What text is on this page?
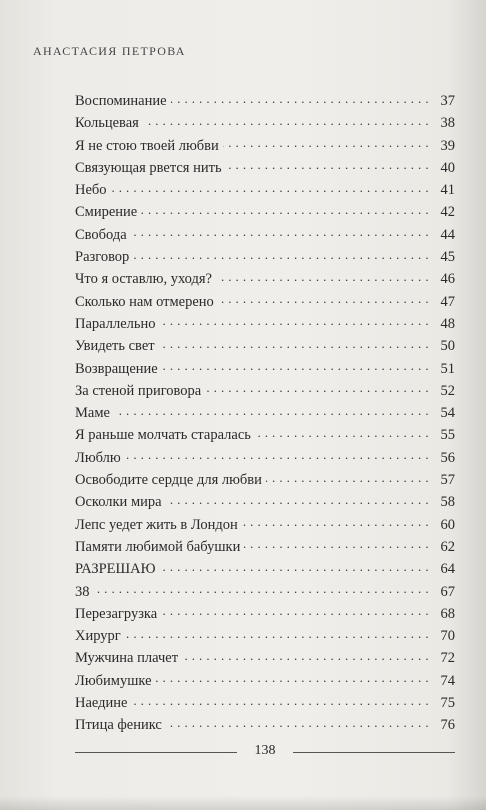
АНАСТАСИЯ ПЕТРОВА
Воспоминание . . .	37
Кольцевая . . .	38
Я не стою твоей любви . . .	39
Связующая рвется нить . . .	40
Небо . . .	41
Смирение . . .	42
Свобода . . .	44
Разговор . . .	45
Что я оставлю, уходя? . . .	46
Сколько нам отмерено . . .	47
Параллельно . . .	48
Увидеть свет . . .	50
Возвращение . . .	51
За стеной приговора . . .	52
Маме . . .	54
Я раньше молчать старалась . . .	55
Люблю . . .	56
Освободите сердце для любви . . .	57
Осколки мира . . .	58
Лепс уедет жить в Лондон . . .	60
Памяти любимой бабушки . . .	62
РАЗРЕШАЮ . . .	64
38 . . .	67
Перезагрузка . . .	68
Хирург . . .	70
Мужчина плачет . . .	72
Любимушке . . .	74
Наедине . . .	75
Птица феникс . . .	76
138
